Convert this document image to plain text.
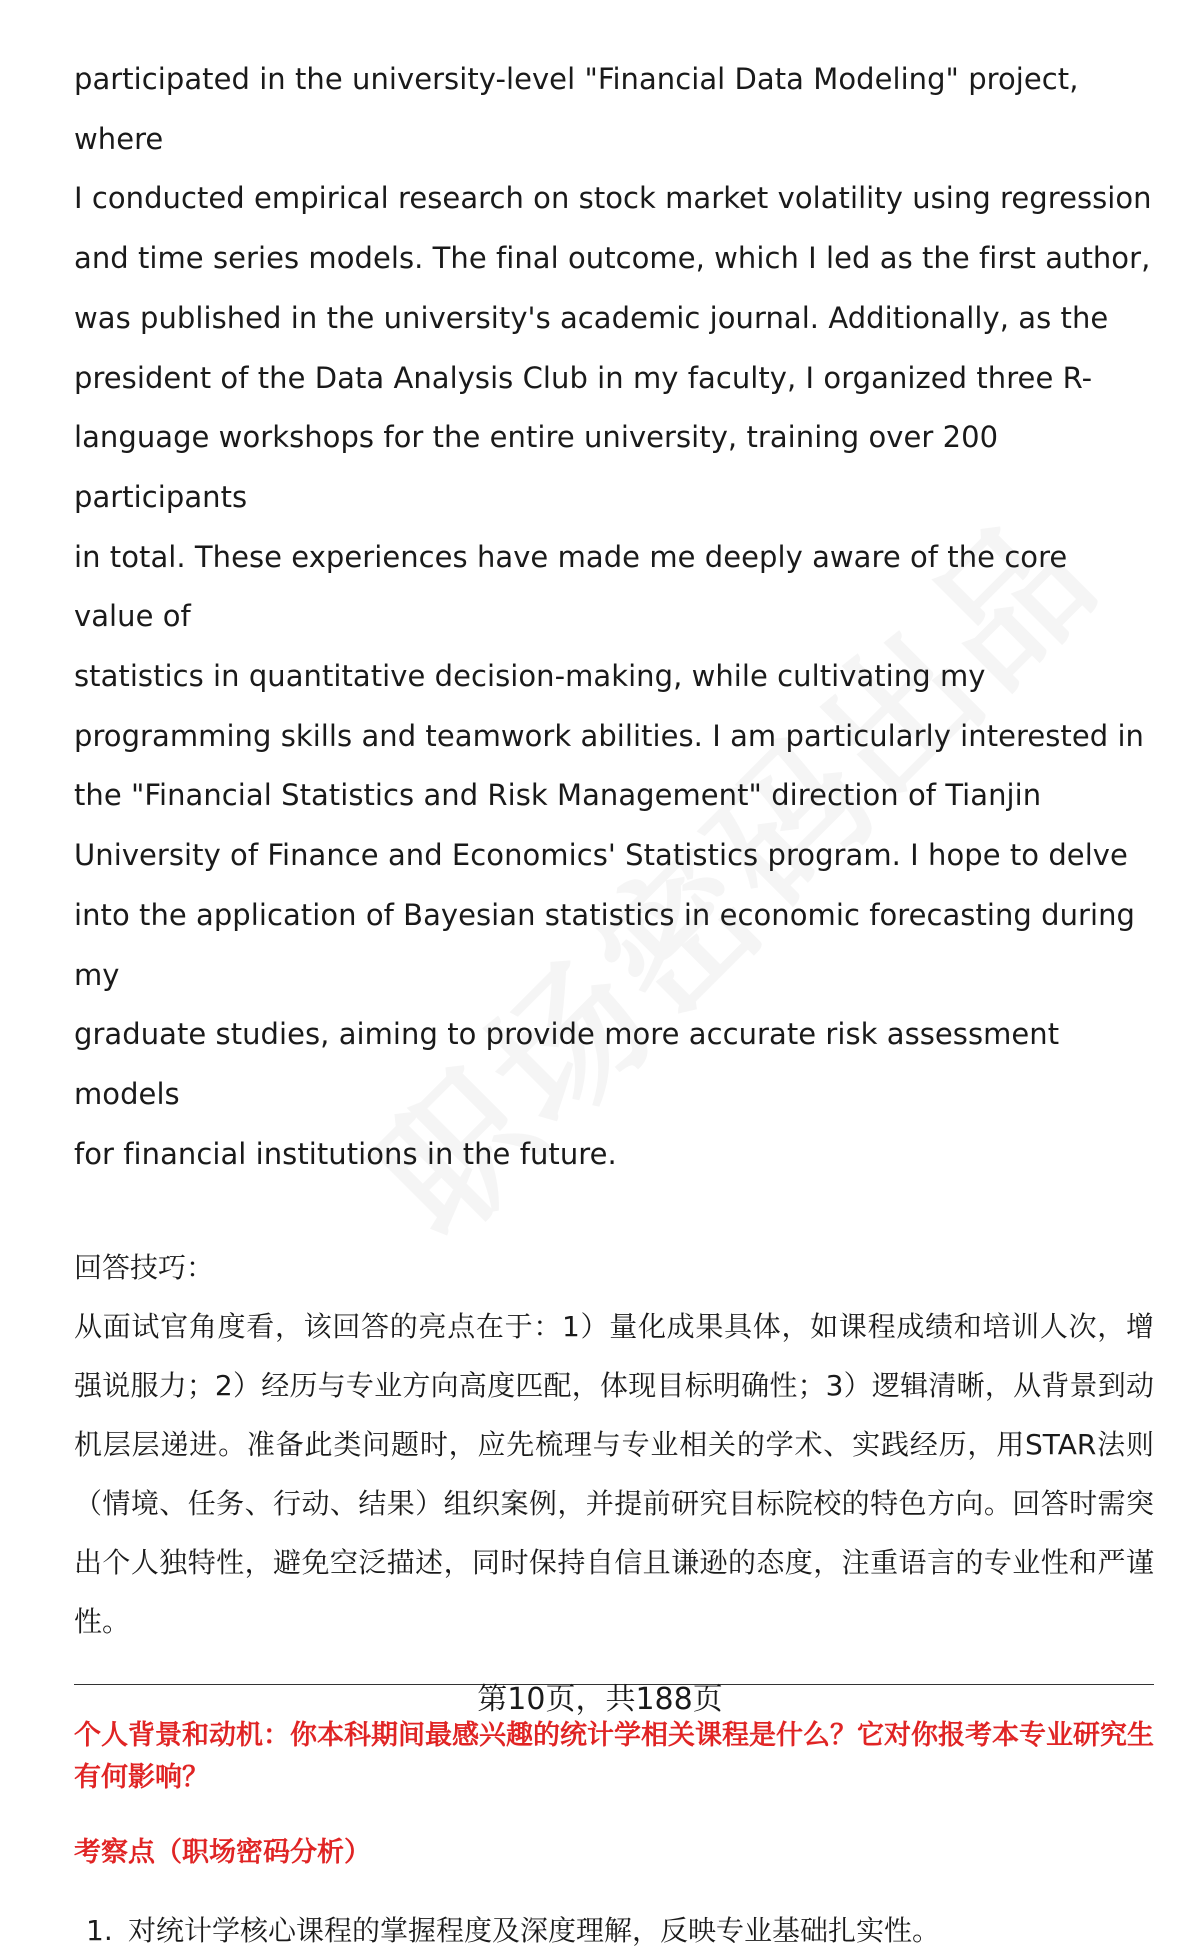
participated in the university-level "Financial Data Modeling" project, where
I conducted empirical research on stock market volatility using regression
and time series models. The final outcome, which I led as the first author,
was published in the university's academic journal. Additionally, as the
president of the Data Analysis Club in my faculty, I organized three R-
language workshops for the entire university, training over 200 participants
in total. These experiences have made me deeply aware of the core value of
statistics in quantitative decision-making, while cultivating my
programming skills and teamwork abilities. I am particularly interested in
the "Financial Statistics and Risk Management" direction of Tianjin
University of Finance and Economics' Statistics program. I hope to delve
into the application of Bayesian statistics in economic forecasting during my
graduate studies, aiming to provide more accurate risk assessment models
for financial institutions in the future.

回答技巧：

从面试官角度看，该回答的亮点在于：1）量化成果具体，如课程成绩和培训人次，增强说服力；2）经历与专业方向高度匹配，体现目标明确性；3）逻辑清晰，从背景到动机层层递进。准备此类问题时，应先梳理与专业相关的学术、实践经历，用STAR法则（情境、任务、行动、结果）组织案例，并提前研究目标院校的特色方向。回答时需突出个人独特性，避免空泛描述，同时保持自信且谦逊的态度，注重语言的专业性和严谨性。

个人背景和动机：你本科期间最感兴趣的统计学相关课程是什么？它对你报考本专业研究生有何影响？

考察点（职场密码分析）

1. 对统计学核心课程的掌握程度及深度理解，反映专业基础扎实性。
第10页，共188页
